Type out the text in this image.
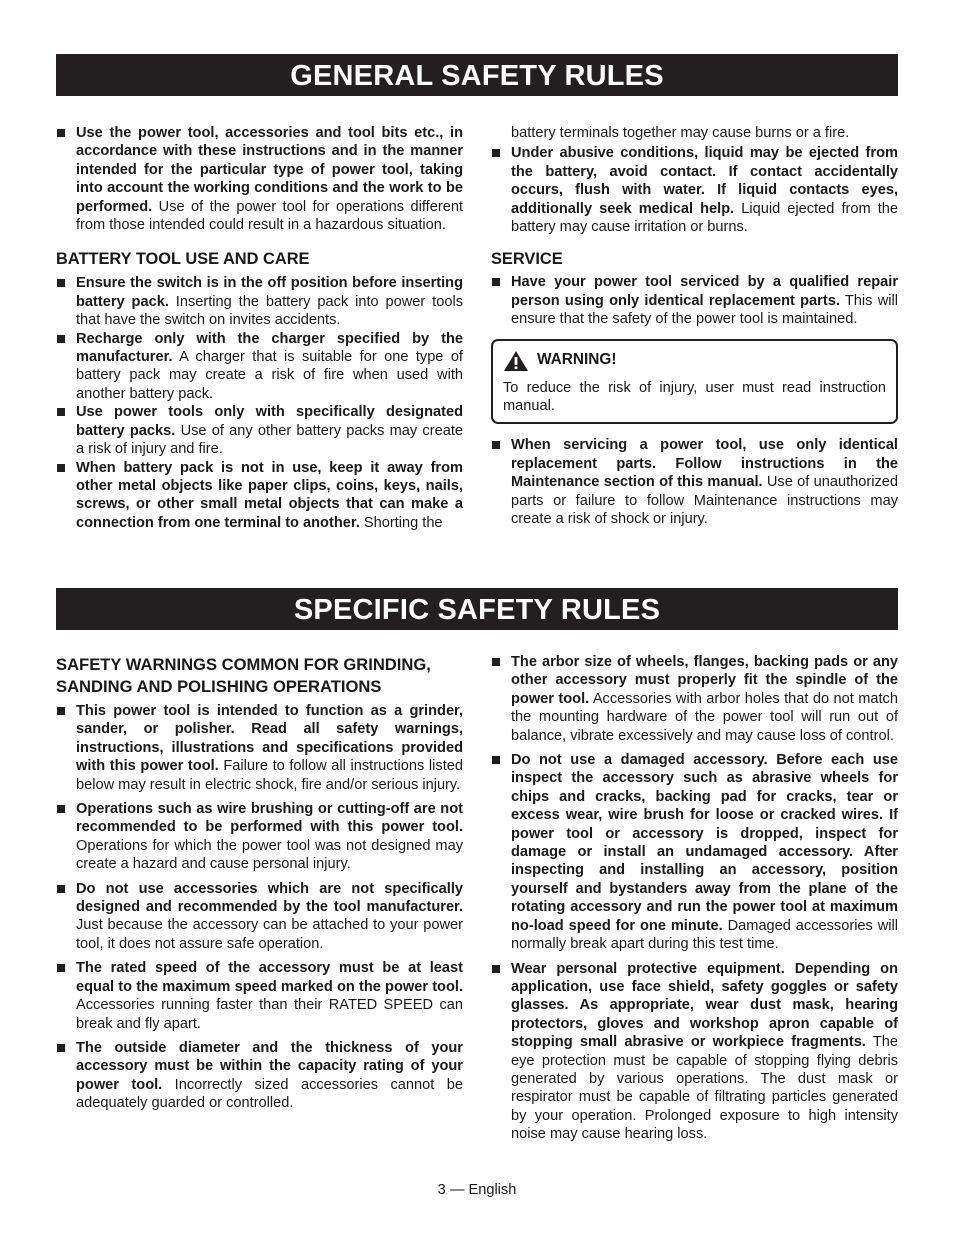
GENERAL SAFETY RULES

Use the power tool, accessories and tool bits etc., in accordance with these instructions and in the manner intended for the particular type of power tool, taking into account the working conditions and the work to be performed. Use of the power tool for operations different from those intended could result in a hazardous situation.

BATTERY TOOL USE AND CARE

Ensure the switch is in the off position before inserting battery pack. Inserting the battery pack into power tools that have the switch on invites accidents.

Recharge only with the charger specified by the manufacturer. A charger that is suitable for one type of battery pack may create a risk of fire when used with another battery pack.

Use power tools only with specifically designated battery packs. Use of any other battery packs may create a risk of injury and fire.

When battery pack is not in use, keep it away from other metal objects like paper clips, coins, keys, nails, screws, or other small metal objects that can make a connection from one terminal to another. Shorting the

battery terminals together may cause burns or a fire.

Under abusive conditions, liquid may be ejected from the battery, avoid contact. If contact accidentally occurs, flush with water. If liquid contacts eyes, additionally seek medical help. Liquid ejected from the battery may cause irritation or burns.

SERVICE

Have your power tool serviced by a qualified repair person using only identical replacement parts. This will ensure that the safety of the power tool is maintained.

WARNING!

To reduce the risk of injury, user must read instruction manual.

When servicing a power tool, use only identical replacement parts. Follow instructions in the Maintenance section of this manual. Use of unauthorized parts or failure to follow Maintenance instructions may create a risk of shock or injury.

SPECIFIC SAFETY RULES
SAFETY WARNINGS COMMON FOR GRINDING, SANDING AND POLISHING OPERATIONS

This power tool is intended to function as a grinder, sander, or polisher. Read all safety warnings, instructions, illustrations and specifications provided with this power tool. Failure to follow all instructions listed below may result in electric shock, fire and/or serious injury.

Operations such as wire brushing or cutting-off are not recommended to be performed with this power tool. Operations for which the power tool was not designed may create a hazard and cause personal injury.

Do not use accessories which are not specifically designed and recommended by the tool manufacturer. Just because the accessory can be attached to your power tool, it does not assure safe operation.

The rated speed of the accessory must be at least equal to the maximum speed marked on the power tool. Accessories running faster than their RATED SPEED can break and fly apart.

The outside diameter and the thickness of your accessory must be within the capacity rating of your power tool. Incorrectly sized accessories cannot be adequately guarded or controlled.

The arbor size of wheels, flanges, backing pads or any other accessory must properly fit the spindle of the power tool. Accessories with arbor holes that do not match the mounting hardware of the power tool will run out of balance, vibrate excessively and may cause loss of control.

Do not use a damaged accessory. Before each use inspect the accessory such as abrasive wheels for chips and cracks, backing pad for cracks, tear or excess wear, wire brush for loose or cracked wires. If power tool or accessory is dropped, inspect for damage or install an undamaged accessory. After inspecting and installing an accessory, position yourself and bystanders away from the plane of the rotating accessory and run the power tool at maximum no-load speed for one minute. Damaged accessories will normally break apart during this test time.

Wear personal protective equipment. Depending on application, use face shield, safety goggles or safety glasses. As appropriate, wear dust mask, hearing protectors, gloves and workshop apron capable of stopping small abrasive or workpiece fragments. The eye protection must be capable of stopping flying debris generated by various operations. The dust mask or respirator must be capable of filtrating particles generated by your operation. Prolonged exposure to high intensity noise may cause hearing loss.

3 — English
